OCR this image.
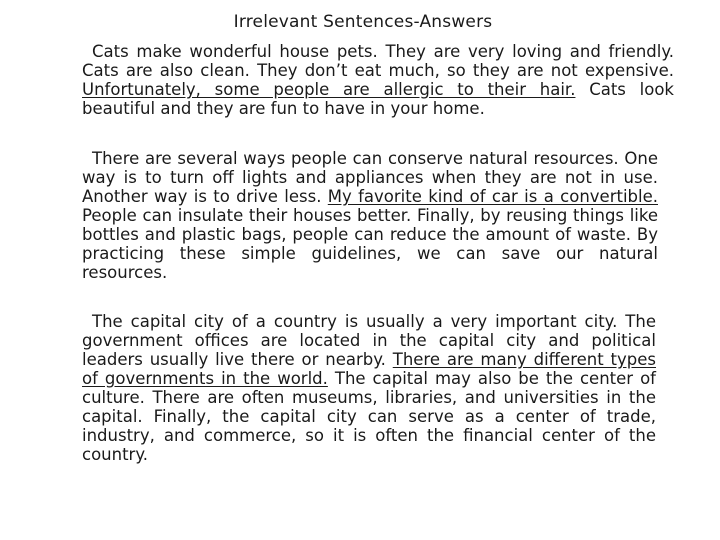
Irrelevant Sentences-Answers

Cats make wonderful house pets. They are very loving and friendly. Cats are also clean. They don’t eat much, so they are not expensive. Unfortunately, some people are allergic to their hair. Cats look beautiful and they are fun to have in your home.

There are several ways people can conserve natural resources. One way is to turn off lights and appliances when they are not in use. Another way is to drive less. My favorite kind of car is a convertible. People can insulate their houses better. Finally, by reusing things like bottles and plastic bags, people can reduce the amount of waste. By practicing these simple guidelines, we can save our natural resources.

The capital city of a country is usually a very important city. The government offices are located in the capital city and political leaders usually live there or nearby. There are many different types of governments in the world. The capital may also be the center of culture. There are often museums, libraries, and universities in the capital. Finally, the capital city can serve as a center of trade, industry, and commerce, so it is often the financial center of the country.
